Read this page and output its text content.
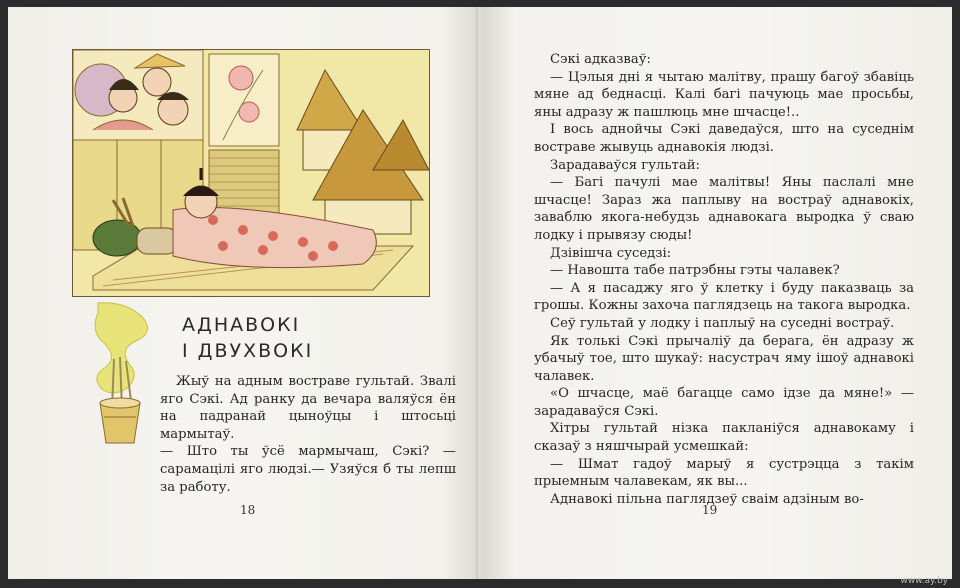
АДНАВОКІ
І ДВУХВОКІ

Жыў на адным востраве гультай. Звалі яго Сэкі. Ад ранку да вечара валяўся ён на падранай цыноўцы і штосьці мармытаў.

— Што ты ўсё мармычаш, Сэкі? — сарамацілі яго людзі.— Узяўся б ты лепш за работу.

18

Сэкі адказваў:

— Цэлыя дні я чытаю малітву, прашу багоў збавіць мяне ад беднасці. Калі багі пачуюць мае просьбы, яны адразу ж пашлюць мне шчасце!..

І вось аднойчы Сэкі даведаўся, што на суседнім востраве жывуць аднавокія людзі.

Зарадаваўся гультай:

— Багі пачулі мае малітвы! Яны паслалі мне шчасце! Зараз жа паплыву на востраў аднавокіх, заваблю якога-небудзь аднавокага выродка ў сваю лодку і прывязу сюды!

Дзівішча суседзі:

— Навошта табе патрэбны гэты чалавек?

— А я пасаджу яго ў клетку і буду паказваць за грошы. Кожны захоча паглядзець на такога выродка.

Сеў гультай у лодку і паплыў на суседні востраў.

Як толькі Сэкі прычаліў да берага, ён адразу ж убачыў тое, што шукаў: насустрач яму ішоў аднавокі чалавек.

«О шчасце, маё багацце само ідзе да мяне!» — зарадаваўся Сэкі.

Хітры гультай нізка пакланіўся аднавокаму і сказаў з няшчырай усмешкай:

— Шмат гадоў марыў я сустрэцца з такім прыемным чалавекам, як вы...

Аднавокі пільна паглядзеў сваім адзіным во-

19
www.ay.by
